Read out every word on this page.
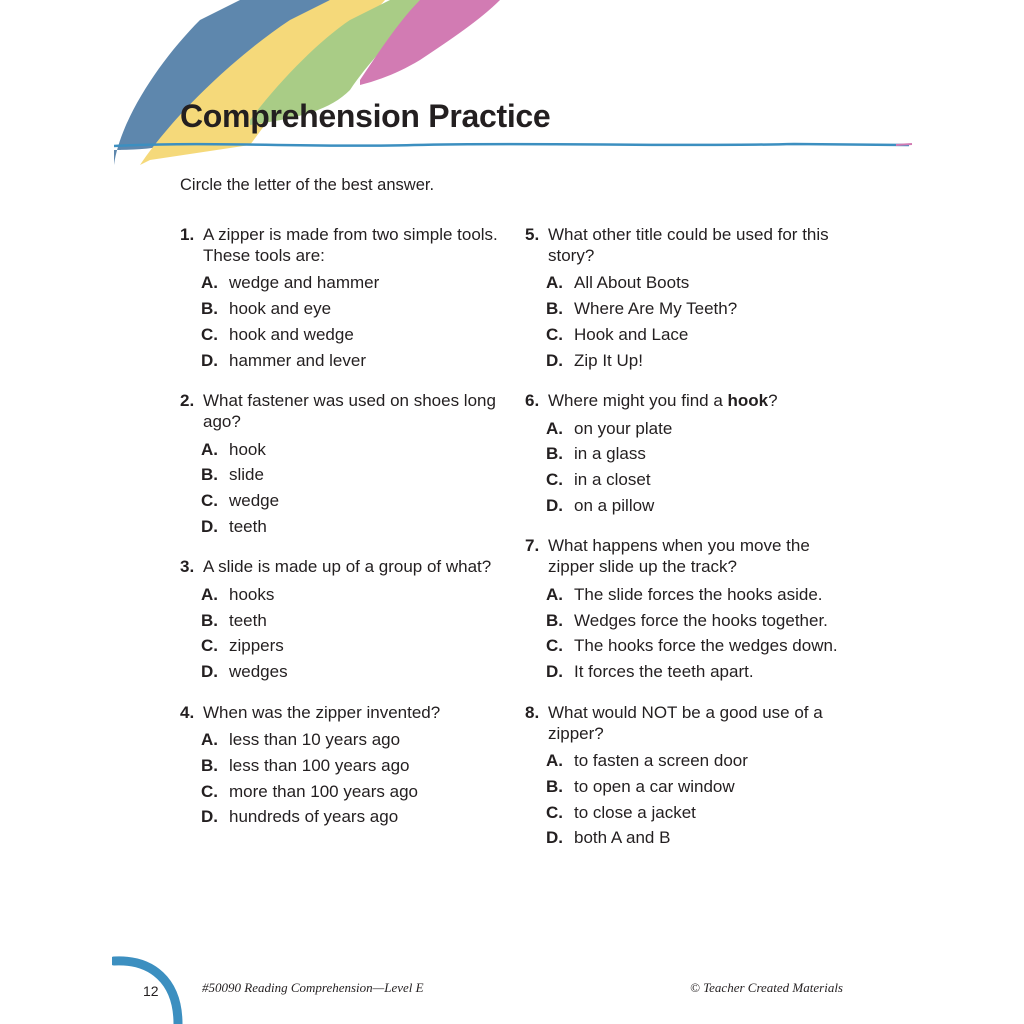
Comprehension Practice

Circle the letter of the best answer.

1. A zipper is made from two simple tools. These tools are:
A. wedge and hammer
B. hook and eye
C. hook and wedge
D. hammer and lever
2. What fastener was used on shoes long ago?
A. hook
B. slide
C. wedge
D. teeth
3. A slide is made up of a group of what?
A. hooks
B. teeth
C. zippers
D. wedges
4. When was the zipper invented?
A. less than 10 years ago
B. less than 100 years ago
C. more than 100 years ago
D. hundreds of years ago
5. What other title could be used for this story?
A. All About Boots
B. Where Are My Teeth?
C. Hook and Lace
D. Zip It Up!
6. Where might you find a hook?
A. on your plate
B. in a glass
C. in a closet
D. on a pillow
7. What happens when you move the zipper slide up the track?
A. The slide forces the hooks aside.
B. Wedges force the hooks together.
C. The hooks force the wedges down.
D. It forces the teeth apart.
8. What would NOT be a good use of a zipper?
A. to fasten a screen door
B. to open a car window
C. to close a jacket
D. both A and B
12	#50090 Reading Comprehension—Level E	© Teacher Created Materials
